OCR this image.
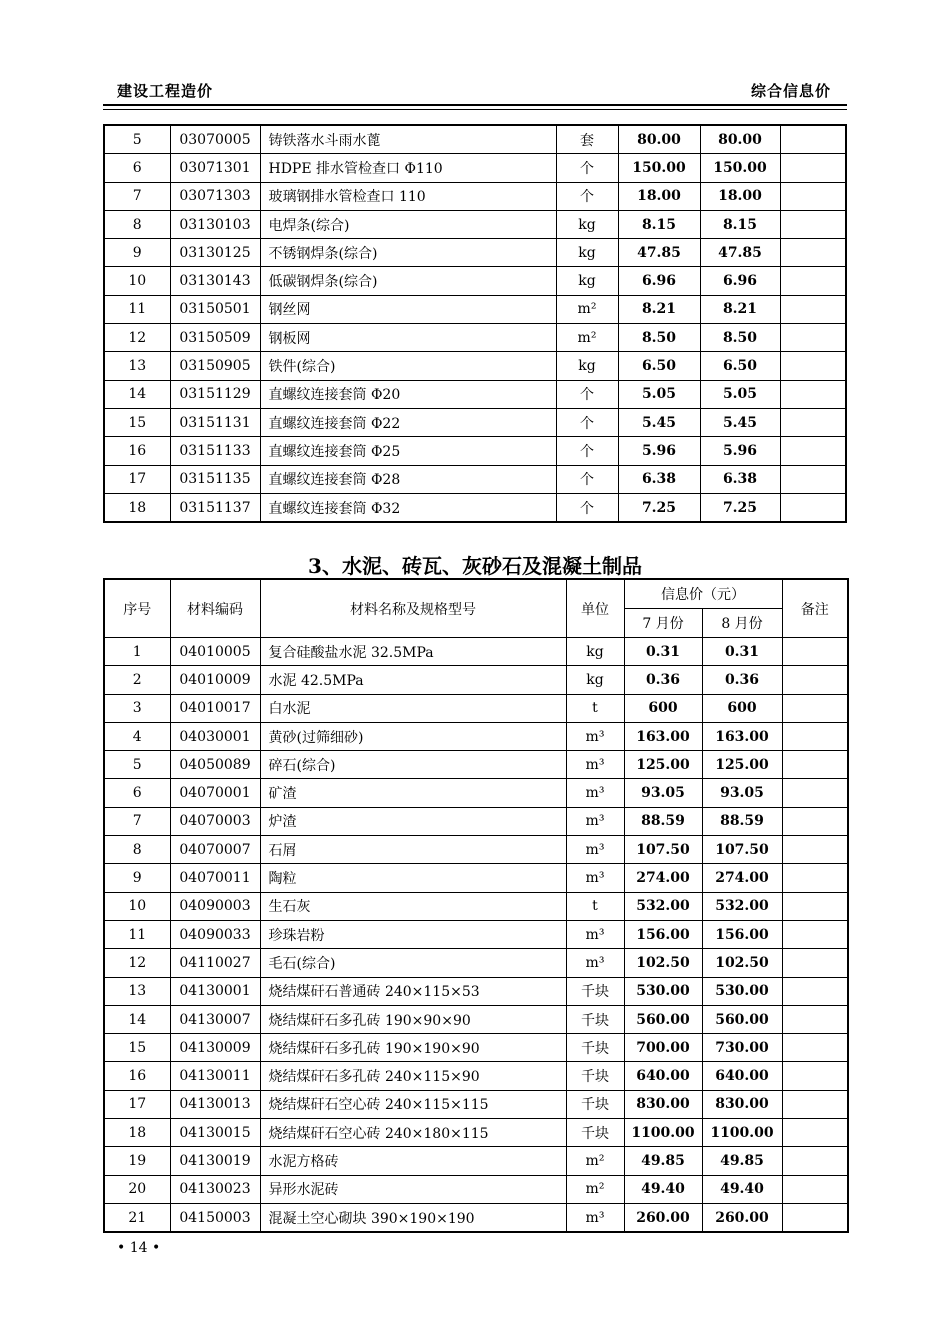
建设工程造价	综合信息价
5	03070005	铸铁落水斗雨水蓖	套	80.00	80.00	
6	03071301	HDPE 排水管检查口 Φ110	个	150.00	150.00	
7	03071303	玻璃钢排水管检查口 110	个	18.00	18.00	
8	03130103	电焊条(综合)	kg	8.15	8.15	
9	03130125	不锈钢焊条(综合)	kg	47.85	47.85	
10	03130143	低碳钢焊条(综合)	kg	6.96	6.96	
11	03150501	钢丝网	m²	8.21	8.21	
12	03150509	钢板网	m²	8.50	8.50	
13	03150905	铁件(综合)	kg	6.50	6.50	
14	03151129	直螺纹连接套筒 Φ20	个	5.05	5.05	
15	03151131	直螺纹连接套筒 Φ22	个	5.45	5.45	
16	03151133	直螺纹连接套筒 Φ25	个	5.96	5.96	
17	03151135	直螺纹连接套筒 Φ28	个	6.38	6.38	
18	03151137	直螺纹连接套筒 Φ32	个	7.25	7.25	
3、水泥、砖瓦、灰砂石及混凝土制品
序号	材料编码	材料名称及规格型号	单位	信息价（元）		备注
				7 月份	8 月份	
1	04010005	复合硅酸盐水泥 32.5MPa	kg	0.31	0.31	
2	04010009	水泥 42.5MPa	kg	0.36	0.36	
3	04010017	白水泥	t	600	600	
4	04030001	黄砂(过筛细砂)	m³	163.00	163.00	
5	04050089	碎石(综合)	m³	125.00	125.00	
6	04070001	矿渣	m³	93.05	93.05	
7	04070003	炉渣	m³	88.59	88.59	
8	04070007	石屑	m³	107.50	107.50	
9	04070011	陶粒	m³	274.00	274.00	
10	04090003	生石灰	t	532.00	532.00	
11	04090033	珍珠岩粉	m³	156.00	156.00	
12	04110027	毛石(综合)	m³	102.50	102.50	
13	04130001	烧结煤矸石普通砖 240×115×53	千块	530.00	530.00	
14	04130007	烧结煤矸石多孔砖 190×90×90	千块	560.00	560.00	
15	04130009	烧结煤矸石多孔砖 190×190×90	千块	700.00	730.00	
16	04130011	烧结煤矸石多孔砖 240×115×90	千块	640.00	640.00	
17	04130013	烧结煤矸石空心砖 240×115×115	千块	830.00	830.00	
18	04130015	烧结煤矸石空心砖 240×180×115	千块	1100.00	1100.00	
19	04130019	水泥方格砖	m²	49.85	49.85	
20	04130023	异形水泥砖	m²	49.40	49.40	
21	04150003	混凝土空心砌块 390×190×190	m³	260.00	260.00	
• 14 •
